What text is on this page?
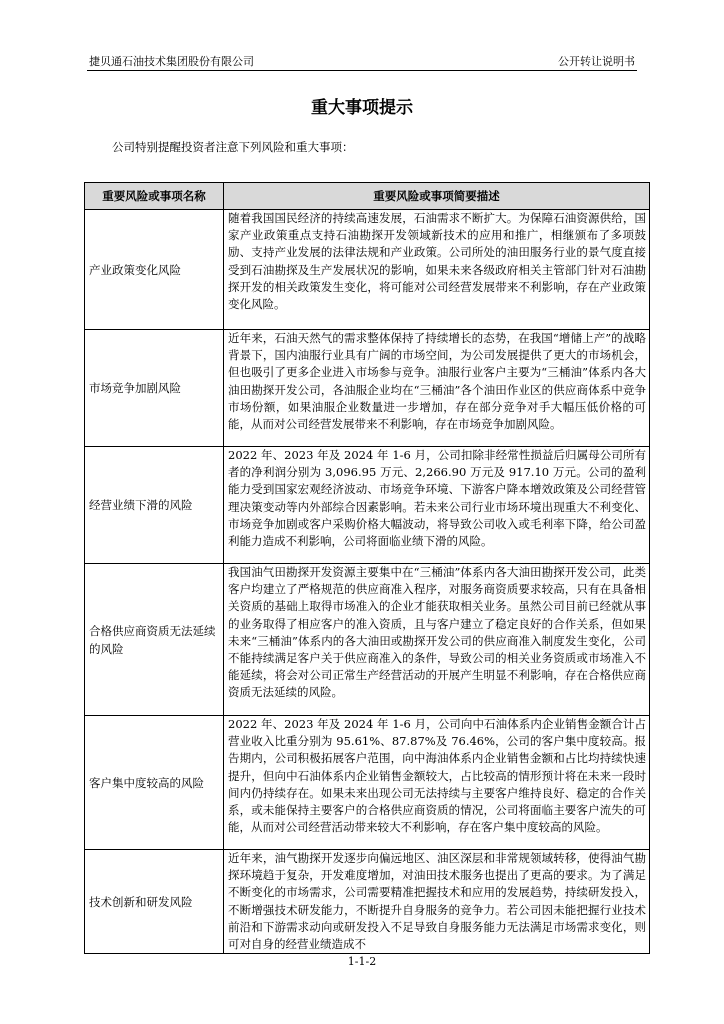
捷贝通石油技术集团股份有限公司	公开转让说明书
重大事项提示
公司特别提醒投资者注意下列风险和重大事项：
重要风险或事项名称	重要风险或事项简要描述
产业政策变化风险	随着我国国民经济的持续高速发展，石油需求不断扩大。为保障石油资源供给，国家产业政策重点支持石油勘探开发领域新技术的应用和推广，相继颁布了多项鼓励、支持产业发展的法律法规和产业政策。公司所处的油田服务行业的景气度直接受到石油勘探及生产发展状况的影响，如果未来各级政府相关主管部门针对石油勘探开发的相关政策发生变化，将可能对公司经营发展带来不利影响，存在产业政策变化风险。
市场竞争加剧风险	近年来，石油天然气的需求整体保持了持续增长的态势，在我国“增储上产”的战略背景下，国内油服行业具有广阔的市场空间，为公司发展提供了更大的市场机会，但也吸引了更多企业进入市场参与竞争。油服行业客户主要为“三桶油”体系内各大油田勘探开发公司，各油服企业均在“三桶油”各个油田作业区的供应商体系中竞争市场份额，如果油服企业数量进一步增加，存在部分竞争对手大幅压低价格的可能，从而对公司经营发展带来不利影响，存在市场竞争加剧风险。
经营业绩下滑的风险	2022 年、2023 年及 2024 年 1-6 月，公司扣除非经常性损益后归属母公司所有者的净利润分别为 3,096.95 万元、2,266.90 万元及 917.10 万元。公司的盈利能力受到国家宏观经济波动、市场竞争环境、下游客户降本增效政策及公司经营管理决策变动等内外部综合因素影响。若未来公司行业市场环境出现重大不利变化、市场竞争加剧或客户采购价格大幅波动，将导致公司收入或毛利率下降，给公司盈利能力造成不利影响，公司将面临业绩下滑的风险。
合格供应商资质无法延续的风险	我国油气田勘探开发资源主要集中在“三桶油”体系内各大油田勘探开发公司，此类客户均建立了严格规范的供应商准入程序，对服务商资质要求较高，只有在具备相关资质的基础上取得市场准入的企业才能获取相关业务。虽然公司目前已经就从事的业务取得了相应客户的准入资质，且与客户建立了稳定良好的合作关系，但如果未来“三桶油”体系内的各大油田或勘探开发公司的供应商准入制度发生变化，公司不能持续满足客户关于供应商准入的条件，导致公司的相关业务资质或市场准入不能延续，将会对公司正常生产经营活动的开展产生明显不利影响，存在合格供应商资质无法延续的风险。
客户集中度较高的风险	2022 年、2023 年及 2024 年 1-6 月，公司向中石油体系内企业销售金额合计占营业收入比重分别为 95.61%、87.87%及 76.46%，公司的客户集中度较高。报告期内，公司积极拓展客户范围，向中海油体系内企业销售金额和占比均持续快速提升，但向中石油体系内企业销售金额较大，占比较高的情形预计将在未来一段时间内仍持续存在。如果未来出现公司无法持续与主要客户维持良好、稳定的合作关系，或未能保持主要客户的合格供应商资质的情况，公司将面临主要客户流失的可能，从而对公司经营活动带来较大不利影响，存在客户集中度较高的风险。
技术创新和研发风险	近年来，油气勘探开发逐步向偏远地区、油区深层和非常规领域转移，使得油气勘探环境趋于复杂，开发难度增加，对油田技术服务也提出了更高的要求。为了满足不断变化的市场需求，公司需要精准把握技术和应用的发展趋势，持续研发投入，不断增强技术研发能力，不断提升自身服务的竞争力。若公司因未能把握行业技术前沿和下游需求动向或研发投入不足导致自身服务能力无法满足市场需求变化，则可对自身的经营业绩造成不
1-1-2
